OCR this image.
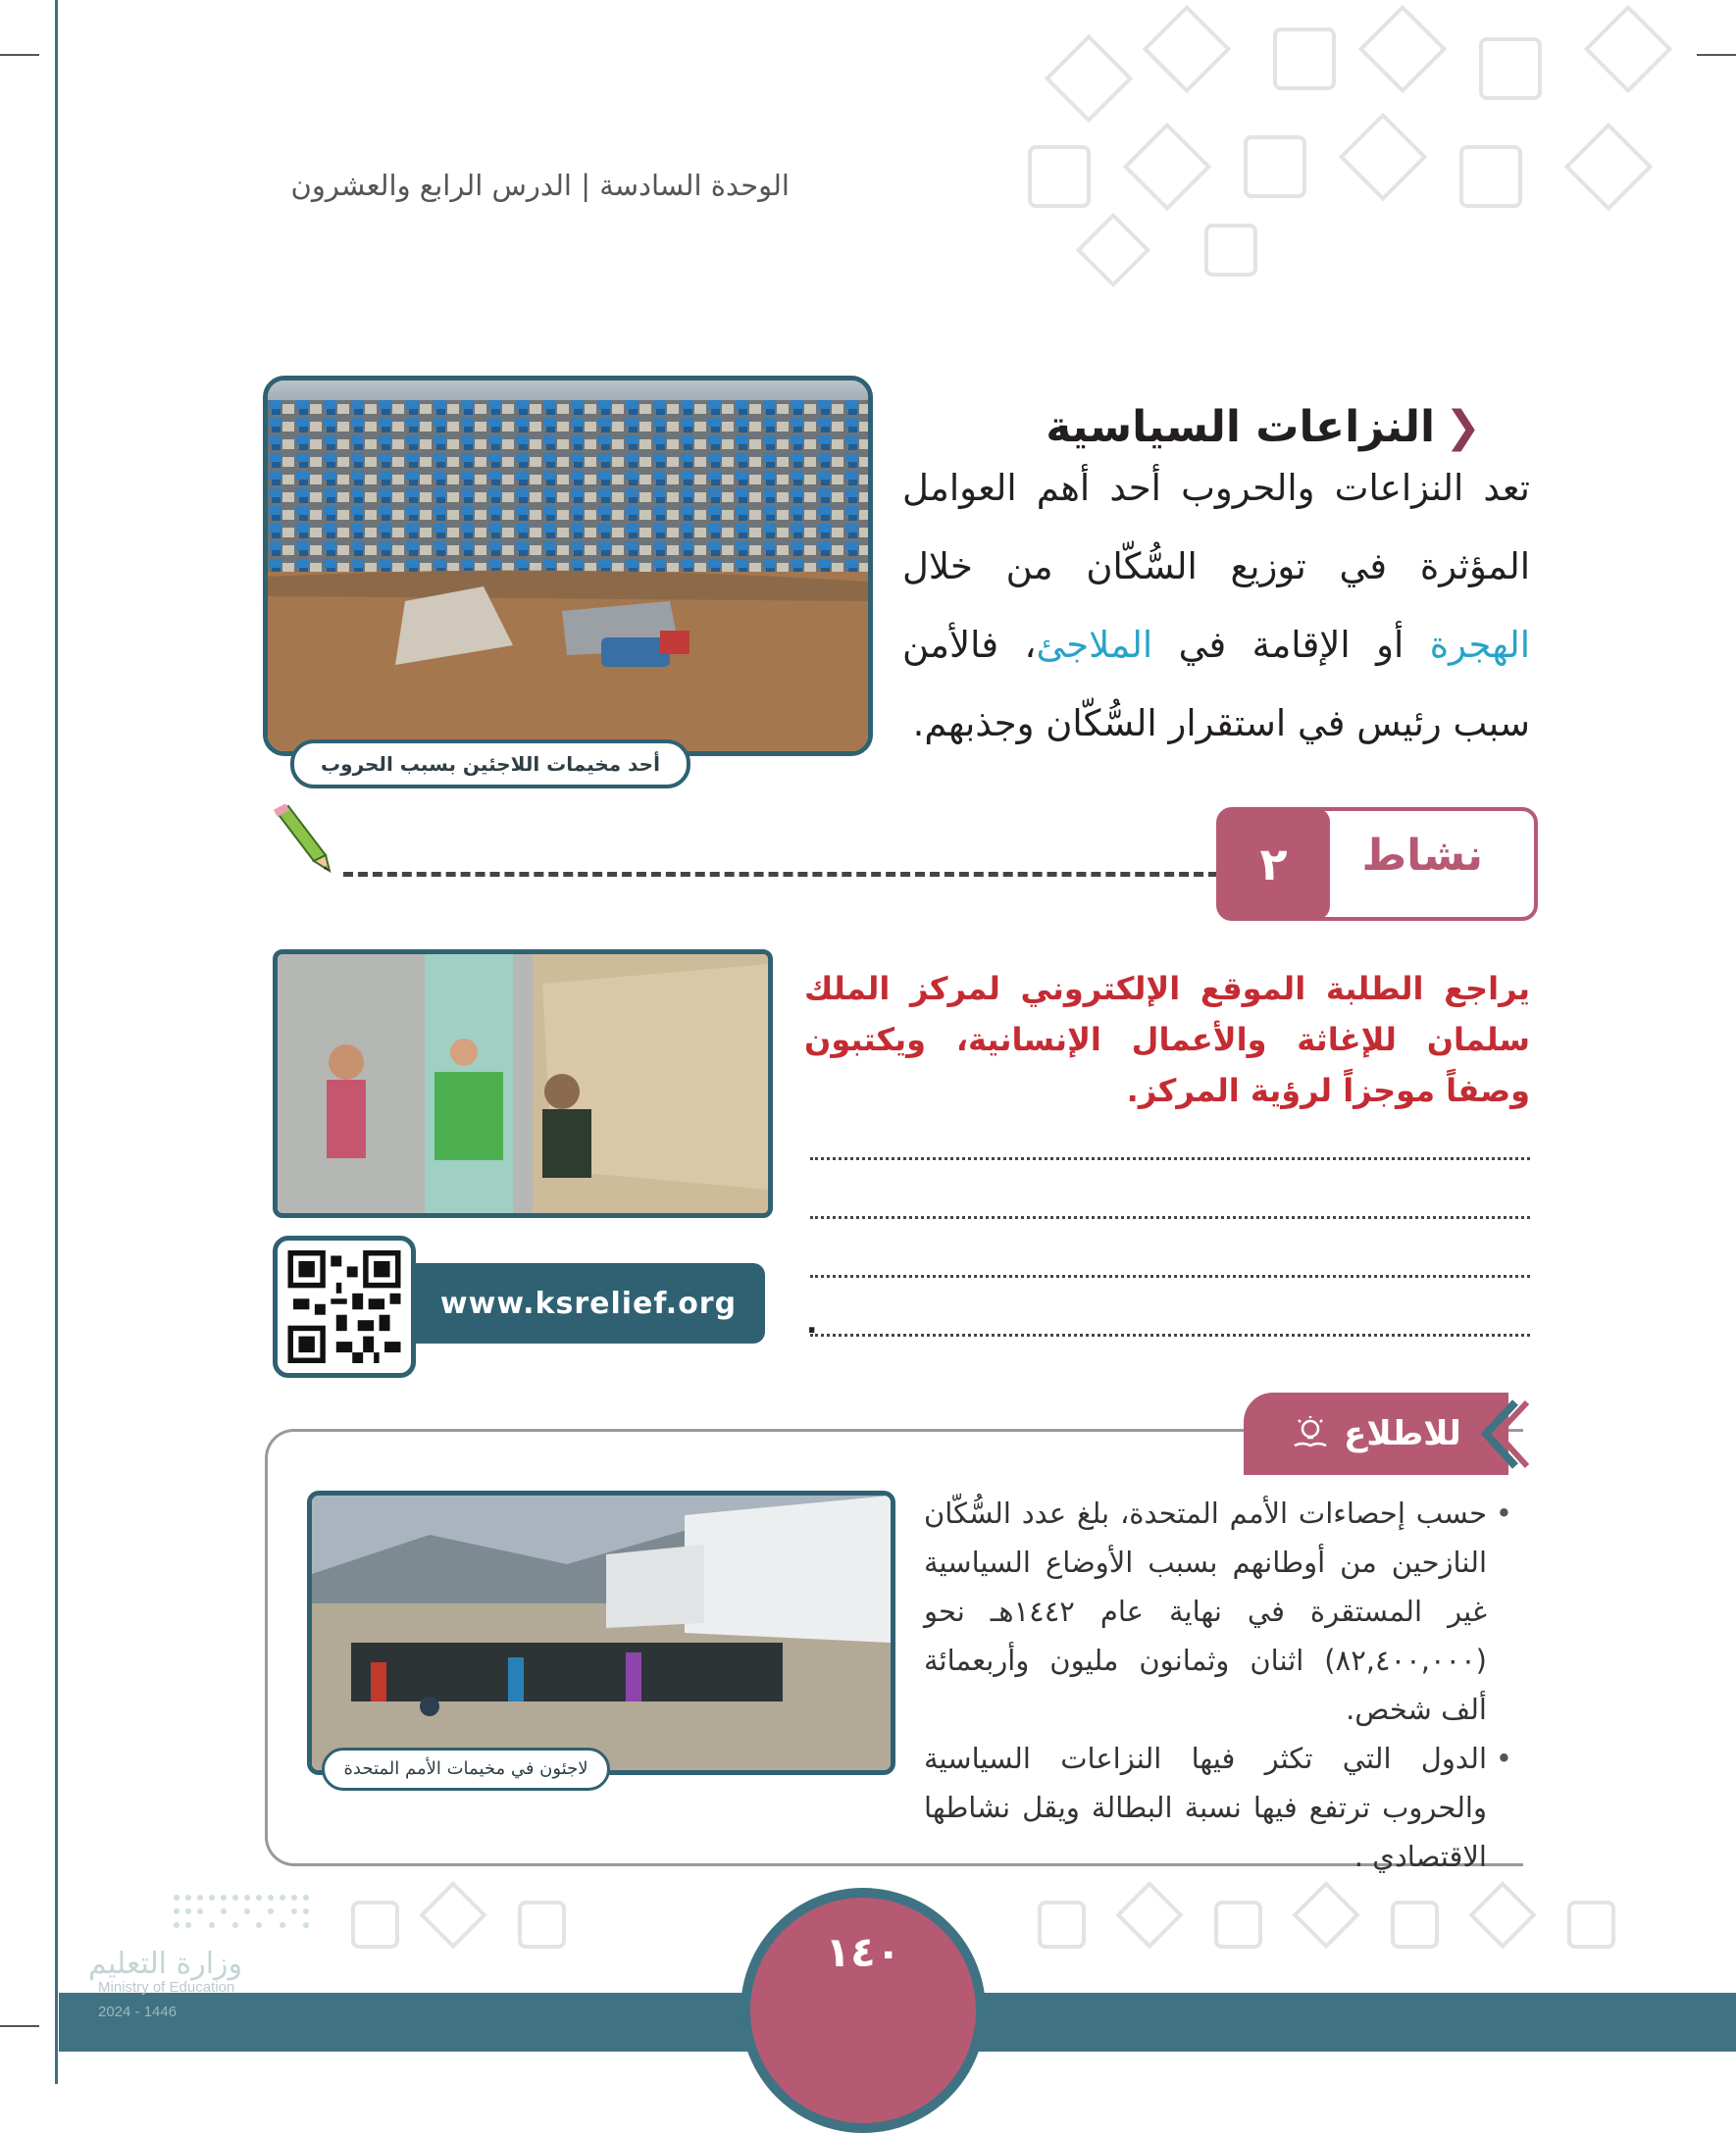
الوحدة السادسة | الدرس الرابع والعشرون
❮
النزاعات السياسية
تعد النزاعات والحروب أحد أهم العوامل المؤثرة في توزيع السُّكّان من خلال الهجرة أو الإقامة في الملاجئ، فالأمن سبب رئيس في استقرار السُّكّان وجذبهم.
أحد مخيمات اللاجئين بسبب الحروب
نشاط
٢
يراجع الطلبة الموقع الإلكتروني لمركز الملك سلمان للإغاثة والأعمال الإنسانية، ويكتبون وصفاً موجزاً لرؤية المركز.
.
www.ksrelief.org
للاطلاع
• حسب إحصاءات الأمم المتحدة، بلغ عدد السُّكّان النازحين من أوطانهم بسبب الأوضاع السياسية غير المستقرة في نهاية عام ١٤٤٢هـ نحو (٨٢,٤٠٠,٠٠٠) اثنان وثمانون مليون وأربعمائة ألف شخص.
• الدول التي تكثر فيها النزاعات السياسية والحروب ترتفع فيها نسبة البطالة ويقل نشاطها الاقتصادي .
لاجئون في مخيمات الأمم المتحدة
١٤٠
وزارة التعليم
Ministry of Education
2024 - 1446
